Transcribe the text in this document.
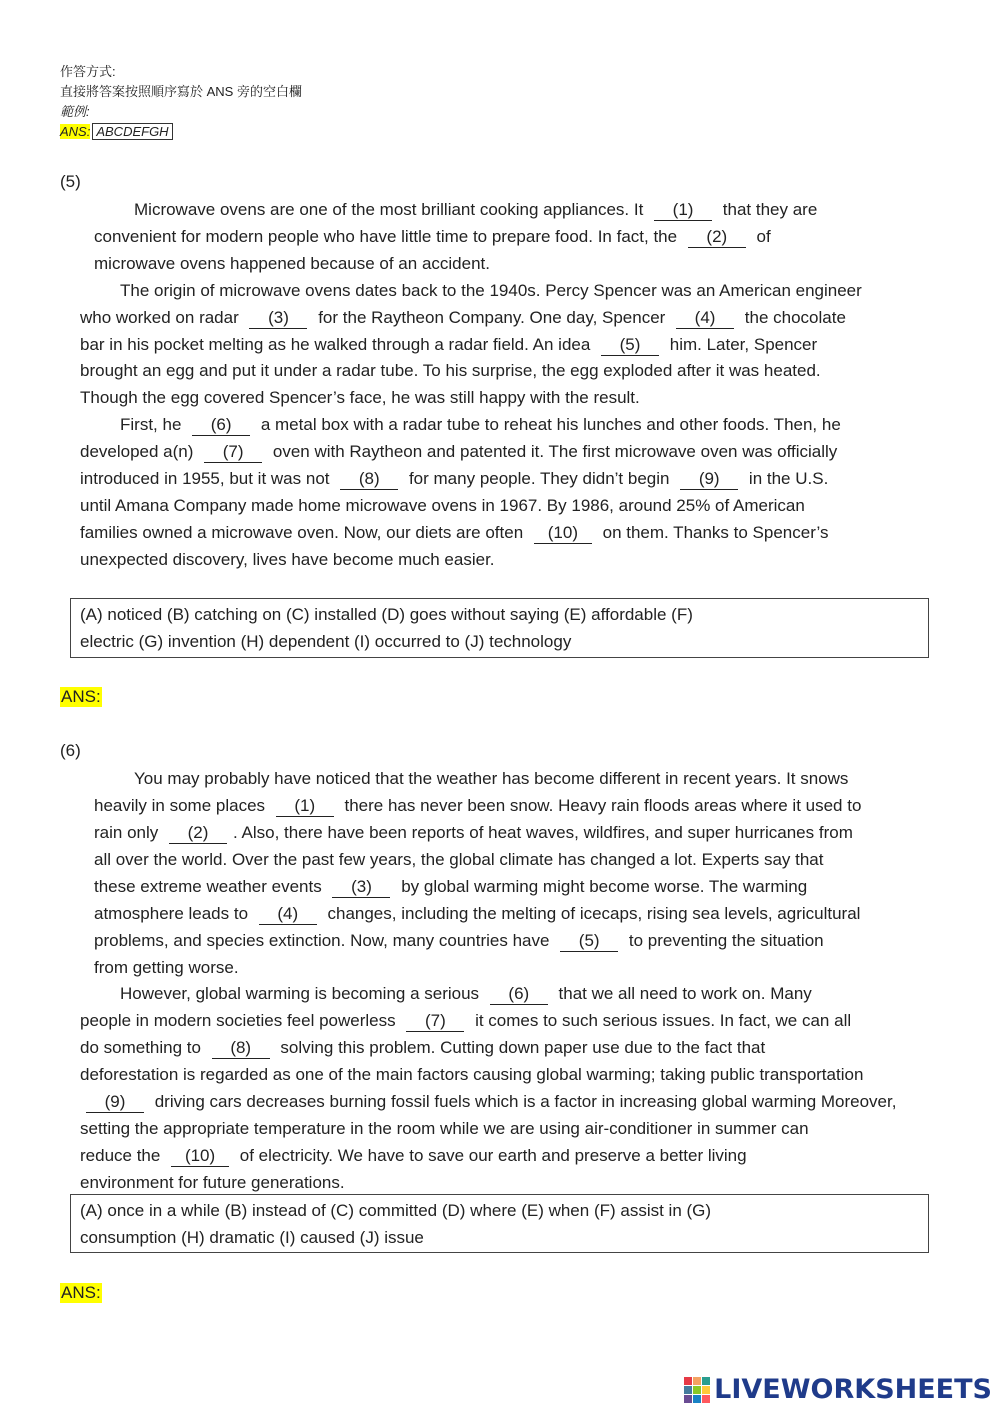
作答方式:
直接將答案按照順序寫於 ANS 旁的空白欄
範例:
ANS: ABCDEFGH
(5)
Microwave ovens are one of the most brilliant cooking appliances. It (1) that they are
convenient for modern people who have little time to prepare food. In fact, the (2) of
microwave ovens happened because of an accident.
The origin of microwave ovens dates back to the 1940s. Percy Spencer was an American engineer
who worked on radar (3) for the Raytheon Company. One day, Spencer (4) the chocolate
bar in his pocket melting as he walked through a radar field. An idea (5) him. Later, Spencer
brought an egg and put it under a radar tube. To his surprise, the egg exploded after it was heated.
Though the egg covered Spencer’s face, he was still happy with the result.
First, he (6) a metal box with a radar tube to reheat his lunches and other foods. Then, he
developed a(n) (7) oven with Raytheon and patented it. The first microwave oven was officially
introduced in 1955, but it was not (8) for many people. They didn’t begin (9) in the U.S.
until Amana Company made home microwave ovens in 1967. By 1986, around 25% of American
families owned a microwave oven. Now, our diets are often (10) on them. Thanks to Spencer’s
unexpected discovery, lives have become much easier.
(A) noticed (B) catching on (C) installed (D) goes without saying (E) affordable (F)
electric (G) invention (H) dependent (I) occurred to (J) technology
ANS:
(6)
You may probably have noticed that the weather has become different in recent years. It snows
heavily in some places (1) there has never been snow. Heavy rain floods areas where it used to
rain only (2) . Also, there have been reports of heat waves, wildfires, and super hurricanes from
all over the world. Over the past few years, the global climate has changed a lot. Experts say that
these extreme weather events (3) by global warming might become worse. The warming
atmosphere leads to (4) changes, including the melting of icecaps, rising sea levels, agricultural
problems, and species extinction. Now, many countries have (5) to preventing the situation
from getting worse.
However, global warming is becoming a serious (6) that we all need to work on. Many
people in modern societies feel powerless (7) it comes to such serious issues. In fact, we can all
do something to (8) solving this problem. Cutting down paper use due to the fact that
deforestation is regarded as one of the main factors causing global warming; taking public transportation
(9) driving cars decreases burning fossil fuels which is a factor in increasing global warming Moreover,
setting the appropriate temperature in the room while we are using air-conditioner in summer can
reduce the (10) of electricity. We have to save our earth and preserve a better living
environment for future generations.
(A) once in a while (B) instead of (C) committed (D) where (E) when (F) assist in (G)
consumption (H) dramatic (I) caused (J) issue
ANS:
LIVEWORKSHEETS
